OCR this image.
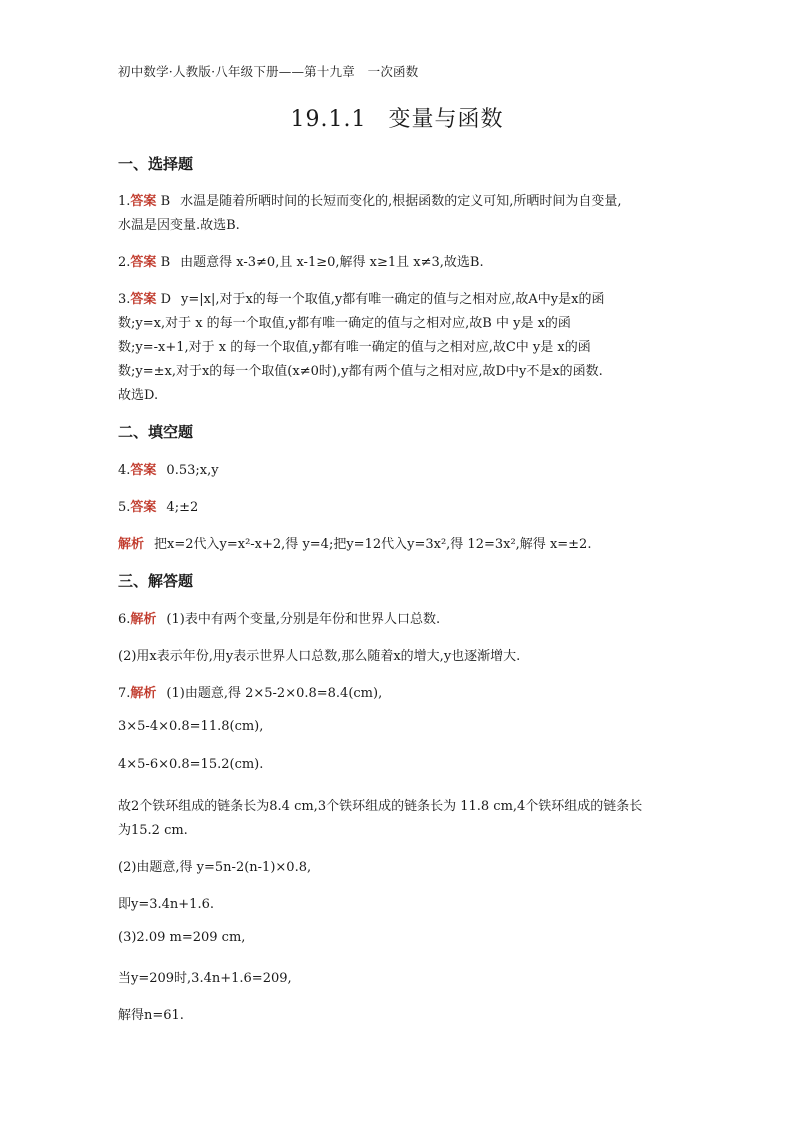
初中数学·人教版·八年级下册——第十九章　一次函数
19.1.1 变量与函数
一、选择题
1.答案 B 水温是随着所晒时间的长短而变化的,根据函数的定义可知,所晒时间为自变量,
水温是因变量.故选B.
2.答案 B 由题意得 x-3≠0,且 x-1≥0,解得 x≥1且 x≠3,故选B.
3.答案 D y=|x|,对于x的每一个取值,y都有唯一确定的值与之相对应,故A中y是x的函
数;y=x,对于 x 的每一个取值,y都有唯一确定的值与之相对应,故B 中 y是 x的函
数;y=-x+1,对于 x 的每一个取值,y都有唯一确定的值与之相对应,故C中 y是 x的函
数;y=±x,对于x的每一个取值(x≠0时),y都有两个值与之相对应,故D中y不是x的函数.
故选D.
二、填空题
4.答案 0.53;x,y
5.答案 4;±2
解析 把x=2代入y=x²-x+2,得 y=4;把y=12代入y=3x²,得 12=3x²,解得 x=±2.
三、解答题
6.解析 (1)表中有两个变量,分别是年份和世界人口总数.
(2)用x表示年份,用y表示世界人口总数,那么随着x的增大,y也逐渐增大.
7.解析 (1)由题意,得 2×5-2×0.8=8.4(cm),
3×5-4×0.8=11.8(cm),
4×5-6×0.8=15.2(cm).
故2个铁环组成的链条长为8.4 cm,3个铁环组成的链条长为 11.8 cm,4个铁环组成的链条长
为15.2 cm.
(2)由题意,得 y=5n-2(n-1)×0.8,
即y=3.4n+1.6.
(3)2.09 m=209 cm,
当y=209时,3.4n+1.6=209,
解得n=61.
